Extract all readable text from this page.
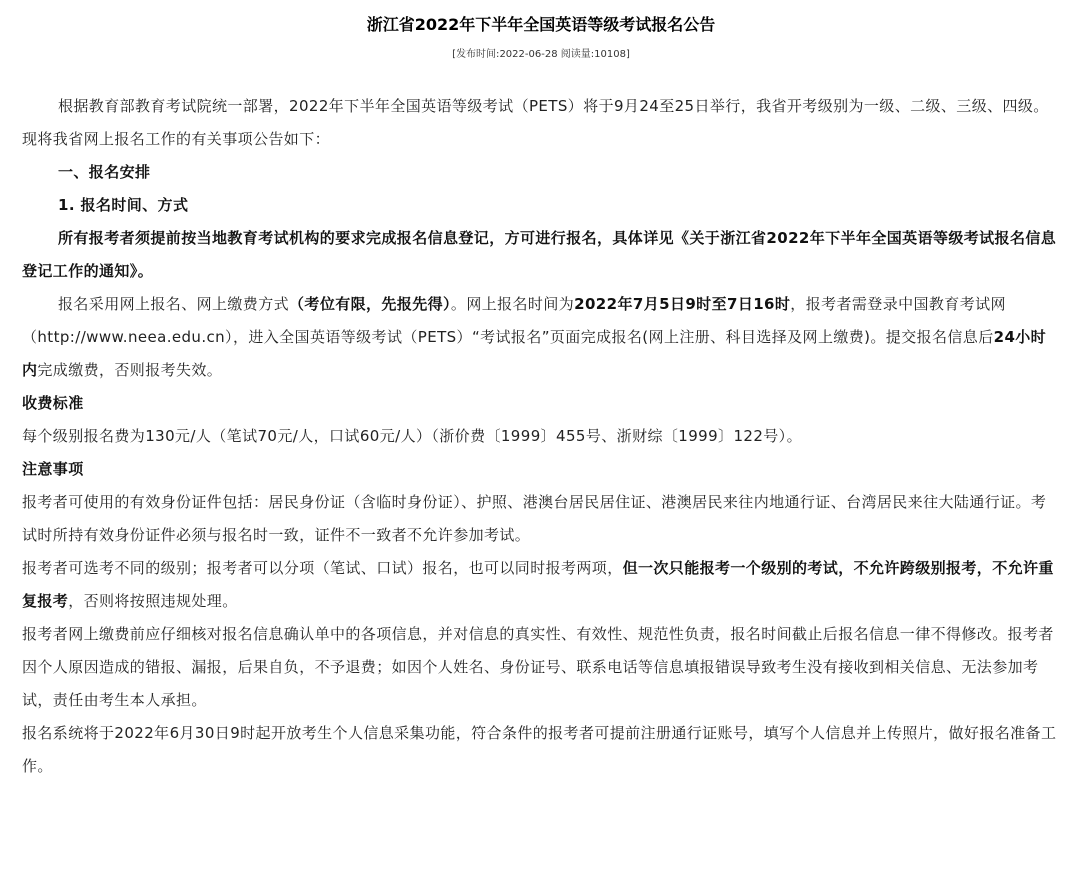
浙江省2022年下半年全国英语等级考试报名公告
[发布时间:2022-06-28 阅读量:10108]

根据教育部教育考试院统一部署，2022年下半年全国英语等级考试（PETS）将于9月24至25日举行，我省开考级别为一级、二级、三级、四级。现将我省网上报名工作的有关事项公告如下：

一、报名安排

1. 报名时间、方式

所有报考者须提前按当地教育考试机构的要求完成报名信息登记，方可进行报名，具体详见《关于浙江省2022年下半年全国英语等级考试报名信息登记工作的通知》。

报名采用网上报名、网上缴费方式（考位有限，先报先得）。网上报名时间为2022年7月5日9时至7日16时，报考者需登录中国教育考试网（http://www.neea.edu.cn），进入全国英语等级考试（PETS）“考试报名”页面完成报名(网上注册、科目选择及网上缴费)。提交报名信息后24小时内完成缴费，否则报考失效。

收费标准

每个级别报名费为130元/人（笔试70元/人，口试60元/人）（浙价费〔1999〕455号、浙财综〔1999〕122号）。

注意事项

报考者可使用的有效身份证件包括：居民身份证（含临时身份证）、护照、港澳台居民居住证、港澳居民来往内地通行证、台湾居民来往大陆通行证。考试时所持有效身份证件必须与报名时一致，证件不一致者不允许参加考试。

报考者可选考不同的级别；报考者可以分项（笔试、口试）报名，也可以同时报考两项，但一次只能报考一个级别的考试，不允许跨级别报考，不允许重复报考，否则将按照违规处理。

报考者网上缴费前应仔细核对报名信息确认单中的各项信息，并对信息的真实性、有效性、规范性负责，报名时间截止后报名信息一律不得修改。报考者因个人原因造成的错报、漏报，后果自负，不予退费；如因个人姓名、身份证号、联系电话等信息填报错误导致考生没有接收到相关信息、无法参加考试，责任由考生本人承担。

报名系统将于2022年6月30日9时起开放考生个人信息采集功能，符合条件的报考者可提前注册通行证账号，填写个人信息并上传照片，做好报名准备工作。
